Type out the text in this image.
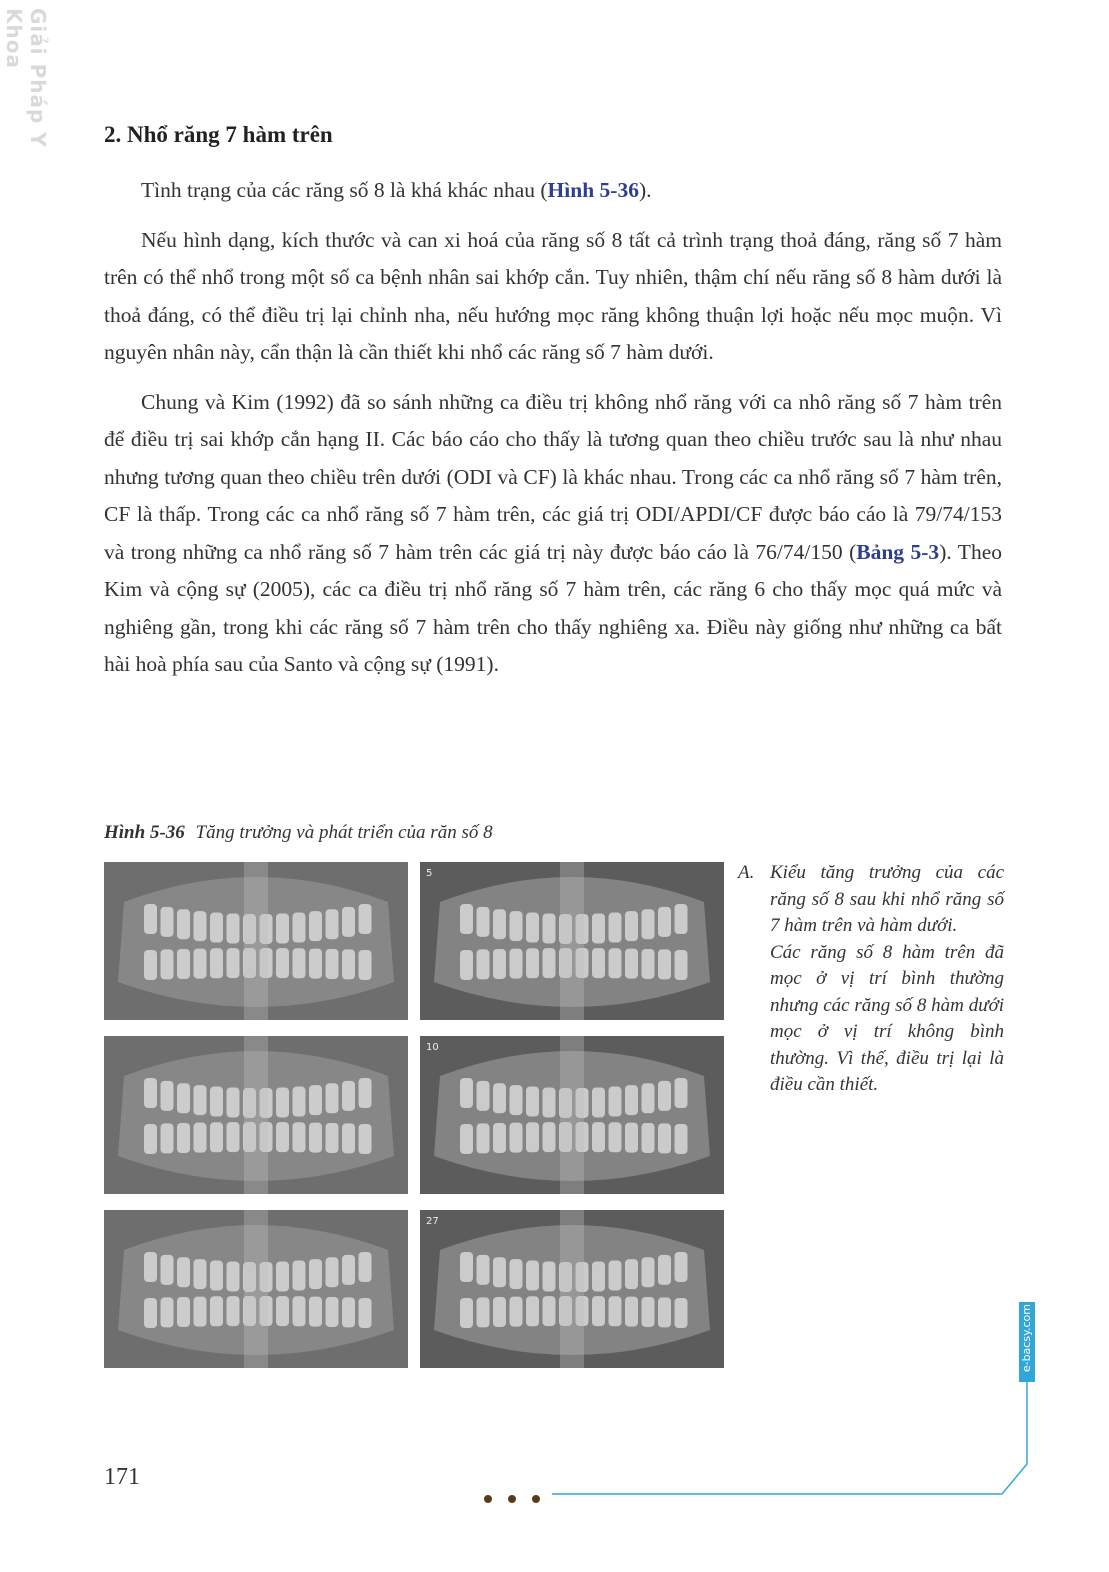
Giải Pháp Y Khoa
2. Nhổ răng 7 hàm trên

Tình trạng của các răng số 8 là khá khác nhau (Hình 5-36).

Nếu hình dạng, kích thước và can xi hoá của răng số 8 tất cả trình trạng thoả đáng, răng số 7 hàm trên có thể nhổ trong một số ca bệnh nhân sai khớp cắn. Tuy nhiên, thậm chí nếu răng số 8 hàm dưới là thoả đáng, có thể điều trị lại chỉnh nha, nếu hướng mọc răng không thuận lợi hoặc nếu mọc muộn. Vì nguyên nhân này, cẩn thận là cần thiết khi nhổ các răng số 7 hàm dưới.

Chung và Kim (1992) đã so sánh những ca điều trị không nhổ răng với ca nhô răng số 7 hàm trên để điều trị sai khớp cắn hạng II. Các báo cáo cho thấy là tương quan theo chiều trước sau là như nhau nhưng tương quan theo chiều trên dưới (ODI và CF) là khác nhau. Trong các ca nhổ răng số 7 hàm trên, CF là thấp. Trong các ca nhổ răng số 7 hàm trên, các giá trị ODI/APDI/CF được báo cáo là 79/74/153 và trong những ca nhổ răng số 7 hàm trên các giá trị này được báo cáo là 76/74/150 (Bảng 5-3). Theo Kim và cộng sự (2005), các ca điều trị nhổ răng số 7 hàm trên, các răng 6 cho thấy mọc quá mức và nghiêng gần, trong khi các răng số 7 hàm trên cho thấy nghiêng xa. Điều này giống như những ca bất hài hoà phía sau của Santo và cộng sự (1991).

Hình 5-36 Tăng trưởng và phát triển của răn số 8
5
10
27
A. Kiểu tăng trưởng của các răng số 8 sau khi nhổ răng số 7 hàm trên và hàm dưới.

Các răng số 8 hàm trên đã mọc ở vị trí bình thường nhưng các răng số 8 hàm dưới mọc ở vị trí không bình thường. Vì thế, điều trị lại là điều cần thiết.

e-bacsy.com
171
